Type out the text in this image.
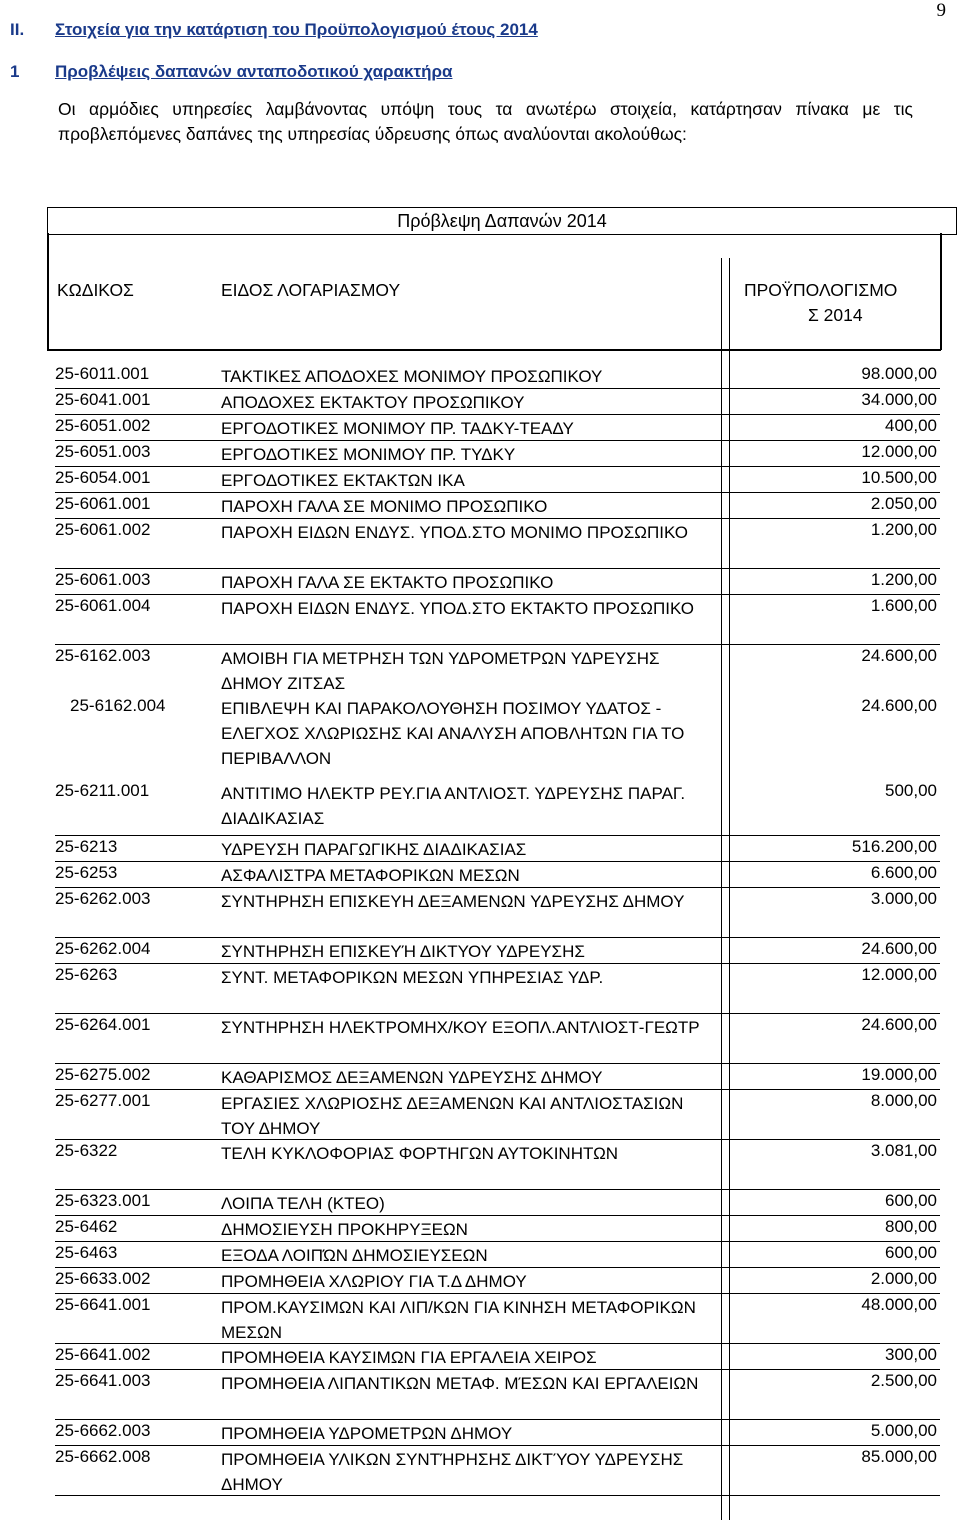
9
II. Στοιχεία για την κατάρτιση του Προϋπολογισμού έτους 2014
1 Προβλέψεις δαπανών ανταποδοτικού χαρακτήρα

Οι αρμόδιες υπηρεσίες λαμβάνοντας υπόψη τους τα ανωτέρω στοιχεία, κατάρτησαν πίνακα με τις προβλεπόμενες δαπάνες της υπηρεσίας ύδρευσης όπως αναλύονται ακολούθως:

Πρόβλεψη Δαπανών 2014
ΚΩΔΙΚΟΣ	ΕΙΔΟΣ ΛΟΓΑΡΙΑΣΜΟΥ	ΠΡΟΫΠΟΛΟΓΙΣΜΟ
Σ 2014
25-6011.001	ΤΑΚΤΙΚΕΣ ΑΠΟΔΟΧΕΣ ΜΟΝΙΜΟΥ ΠΡΟΣΩΠΙΚΟΥ	98.000,00
25-6041.001	ΑΠΟΔΟΧΕΣ ΕΚΤΑΚΤΟΥ ΠΡΟΣΩΠΙΚΟΥ	34.000,00
25-6051.002	ΕΡΓΟΔΟΤΙΚΕΣ ΜΟΝΙΜΟΥ ΠΡ. ΤΑΔΚΥ-ΤΕΑΔΥ	400,00
25-6051.003	ΕΡΓΟΔΟΤΙΚΕΣ ΜΟΝΙΜΟΥ ΠΡ. ΤΥΔΚΥ	12.000,00
25-6054.001	ΕΡΓΟΔΟΤΙΚΕΣ ΕΚΤΑΚΤΩΝ ΙΚΑ	10.500,00
25-6061.001	ΠΑΡΟΧΗ ΓΑΛΑ ΣΕ ΜΟΝΙΜΟ ΠΡΟΣΩΠΙΚΟ	2.050,00
25-6061.002	ΠΑΡΟΧΗ ΕΙΔΩΝ ΕΝΔΥΣ. ΥΠΟΔ.ΣΤΟ ΜΟΝΙΜΟ ΠΡΟΣΩΠΙΚΟ	1.200,00
25-6061.003	ΠΑΡΟΧΗ ΓΑΛΑ ΣΕ ΕΚΤΑΚΤΟ ΠΡΟΣΩΠΙΚΟ	1.200,00
25-6061.004	ΠΑΡΟΧΗ ΕΙΔΩΝ ΕΝΔΥΣ. ΥΠΟΔ.ΣΤΟ ΕΚΤΑΚΤΟ ΠΡΟΣΩΠΙΚΟ	1.600,00
25-6162.003	ΑΜΟΙΒΗ ΓΙΑ ΜΕΤΡΗΣΗ ΤΩΝ ΥΔΡΟΜΕΤΡΩΝ ΥΔΡΕΥΣΗΣ ΔΗΜΟΥ ΖΙΤΣΑΣ
24.600,00
25-6162.004	ΕΠΙΒΛΕΨΗ ΚΑΙ ΠΑΡΑΚΟΛΟΥΘΗΣΗ ΠΟΣΙΜΟΥ ΥΔΑΤΟΣ - ΕΛΕΓΧΟΣ ΧΛΩΡΙΩΣΗΣ ΚΑΙ ΑΝΑΛΥΣΗ ΑΠΟΒΛΗΤΩΝ ΓΙΑ ΤΟ ΠΕΡΙΒΑΛΛΟΝ
24.600,00
25-6211.001	ΑΝΤΙΤΙΜΟ ΗΛΕΚΤΡ ΡΕΥ.ΓΙΑ ΑΝΤΛΙΟΣΤ. ΥΔΡΕΥΣΗΣ ΠΑΡΑΓ. ΔΙΑΔΙΚΑΣΙΑΣ
500,00
25-6213	ΥΔΡΕΥΣΗ ΠΑΡΑΓΩΓΙΚΗΣ ΔΙΑΔΙΚΑΣΙΑΣ	516.200,00
25-6253	ΑΣΦΑΛΙΣΤΡΑ ΜΕΤΑΦΟΡΙΚΩΝ ΜΕΣΩΝ	6.600,00
25-6262.003	ΣΥΝΤΗΡΗΣΗ ΕΠΙΣΚΕΥΗ ΔΕΞΑΜΕΝΩΝ ΥΔΡΕΥΣΗΣ ΔΗΜΟΥ	3.000,00
25-6262.004	ΣΥΝΤΗΡΗΣΗ ΕΠΙΣΚΕΥΉ ΔΙΚΤΥΟΥ ΥΔΡΕΥΣΗΣ	24.600,00
25-6263	ΣΥΝΤ. ΜΕΤΑΦΟΡΙΚΩΝ ΜΕΣΩΝ ΥΠΗΡΕΣΙΑΣ ΥΔΡ.	12.000,00
25-6264.001	ΣΥΝΤΗΡΗΣΗ ΗΛΕΚΤΡΟΜΗΧ/ΚΟΥ ΕΞΟΠΛ.ΑΝΤΛΙΟΣΤ-ΓΕΩΤΡ	24.600,00
25-6275.002	ΚΑΘΑΡΙΣΜΟΣ ΔΕΞΑΜΕΝΩΝ ΥΔΡΕΥΣΗΣ ΔΗΜΟΥ	19.000,00
25-6277.001	ΕΡΓΑΣΙΕΣ ΧΛΩΡΙΟΣΗΣ ΔΕΞΑΜΕΝΩΝ ΚΑΙ ΑΝΤΛΙΟΣΤΑΣΙΩΝ ΤΟΥ ΔΗΜΟΥ
8.000,00
25-6322	ΤΕΛΗ ΚΥΚΛΟΦΟΡΙΑΣ ΦΟΡΤΗΓΩΝ ΑΥΤΟΚΙΝΗΤΩΝ	3.081,00
25-6323.001	ΛΟΙΠΑ ΤΕΛΗ (ΚΤΕΟ)	600,00
25-6462	ΔΗΜΟΣΙΕΥΣΗ ΠΡΟΚΗΡΥΞΕΩΝ	800,00
25-6463	ΕΞΟΔΑ ΛΟΙΠΏΝ ΔΗΜΟΣΙΕΥΣΕΩΝ	600,00
25-6633.002	ΠΡΟΜΗΘΕΙΑ ΧΛΩΡΙΟΥ ΓΙΑ Τ.Δ ΔΗΜΟΥ	2.000,00
25-6641.001	ΠΡΟΜ.ΚΑΥΣΙΜΩΝ ΚΑΙ ΛΙΠ/ΚΩΝ ΓΙΑ ΚΙΝΗΣΗ ΜΕΤΑΦΟΡΙΚΩΝ ΜΕΣΩΝ
48.000,00
25-6641.002	ΠΡΟΜΗΘΕΙΑ ΚΑΥΣΙΜΩΝ ΓΙΑ ΕΡΓΑΛΕΙΑ ΧΕΙΡΟΣ	300,00
25-6641.003	ΠΡΟΜΗΘΕΙΑ ΛΙΠΑΝΤΙΚΩΝ ΜΕΤΑΦ. ΜΈΣΩΝ ΚΑΙ ΕΡΓΑΛΕΙΩΝ	2.500,00
25-6662.003	ΠΡΟΜΗΘΕΙΑ ΥΔΡΟΜΕΤΡΩΝ ΔΗΜΟΥ	5.000,00
25-6662.008	ΠΡΟΜΗΘΕΙΑ ΥΛΙΚΩΝ ΣΥΝΤΉΡΗΣΗΣ ΔΙΚΤΎΟΥ ΥΔΡΕΥΣΗΣ ΔΗΜΟΥ
85.000,00
